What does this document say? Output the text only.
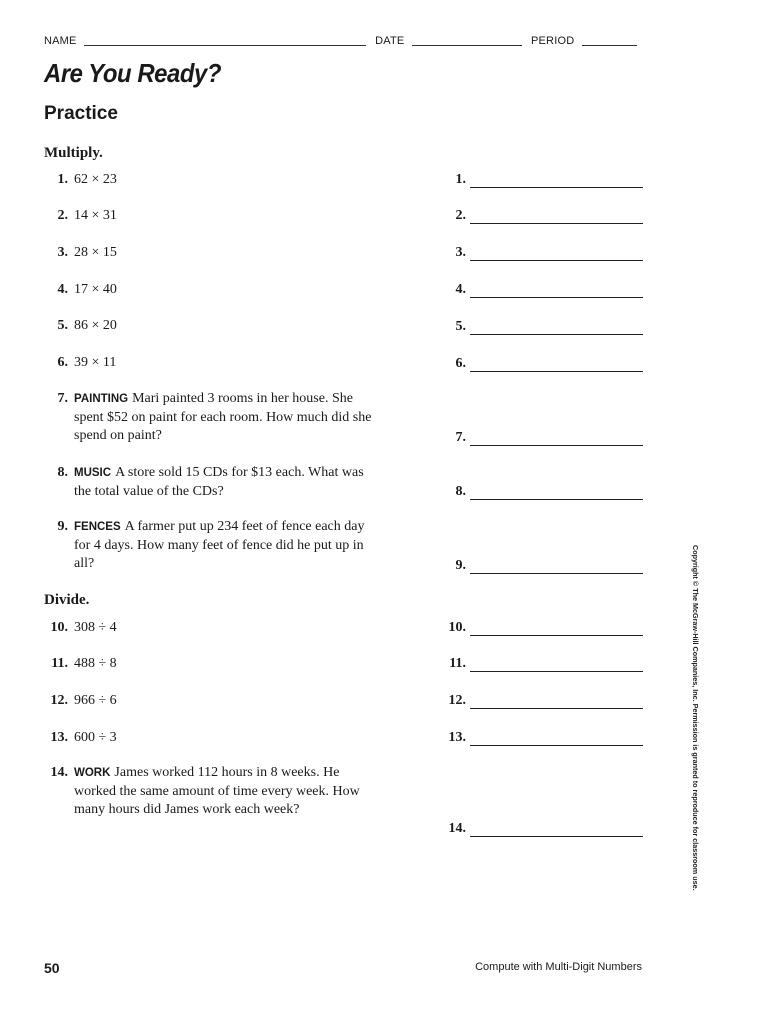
NAME	DATE	PERIOD
Are You Ready?
Practice
Multiply.
Divide.
1. 62 × 23
2. 14 × 31
3. 28 × 15
4. 17 × 40
5. 86 × 20
6. 39 × 11
7. PAINTING Mari painted 3 rooms in her house. She spent $52 on paint for each room. How much did she spend on paint?
8. MUSIC A store sold 15 CDs for $13 each. What was the total value of the CDs?
9. FENCES A farmer put up 234 feet of fence each day for 4 days. How many feet of fence did he put up in all?
10. 308 ÷ 4
11. 488 ÷ 8
12. 966 ÷ 6
13. 600 ÷ 3
14. WORK James worked 112 hours in 8 weeks. He worked the same amount of time every week. How many hours did James work each week?
1.
2.
3.
4.
5.
6.
7.
8.
9.
10.
11.
12.
13.
14.	Copyright © The McGraw-Hill Companies, Inc. Permission is granted to reproduce for classroom use.
50	Compute with Multi-Digit Numbers
